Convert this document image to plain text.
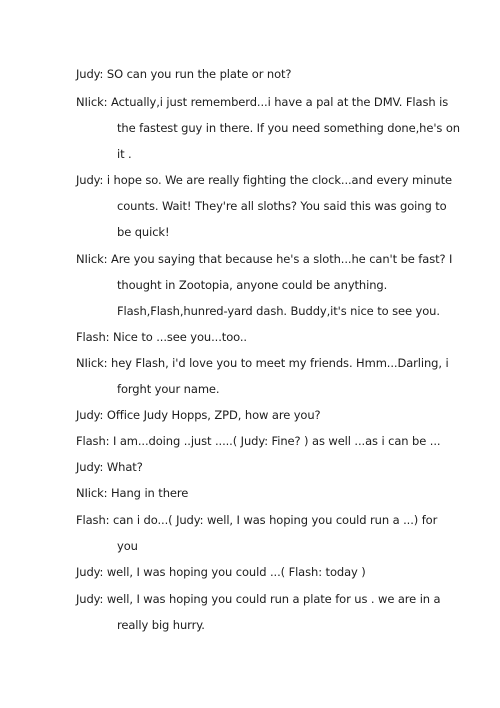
Judy: SO can you run the plate or not?
NIick: Actually,i just rememberd...i have a pal at the DMV. Flash is
the fastest guy in there. If you need something done,he's on
it .
Judy: i hope so. We are really fighting the clock...and every minute
counts. Wait! They're all sloths? You said this was going to
be quick!
NIick: Are you saying that because he's a sloth...he can't be fast? I
thought in Zootopia, anyone could be anything.
Flash,Flash,hunred-yard dash. Buddy,it's nice to see you.
Flash: Nice to ...see you...too..
NIick: hey Flash, i'd love you to meet my friends. Hmm...Darling, i
forght your name.
Judy: Office Judy Hopps, ZPD, how are you?
Flash: I am...doing ..just .....( Judy: Fine? ) as well ...as i can be ...
Judy: What?
NIick: Hang in there
Flash: can i do...( Judy: well, I was hoping you could run a ...) for
you
Judy: well, I was hoping you could ...( Flash: today )
Judy: well, I was hoping you could run a plate for us . we are in a
really big hurry.
